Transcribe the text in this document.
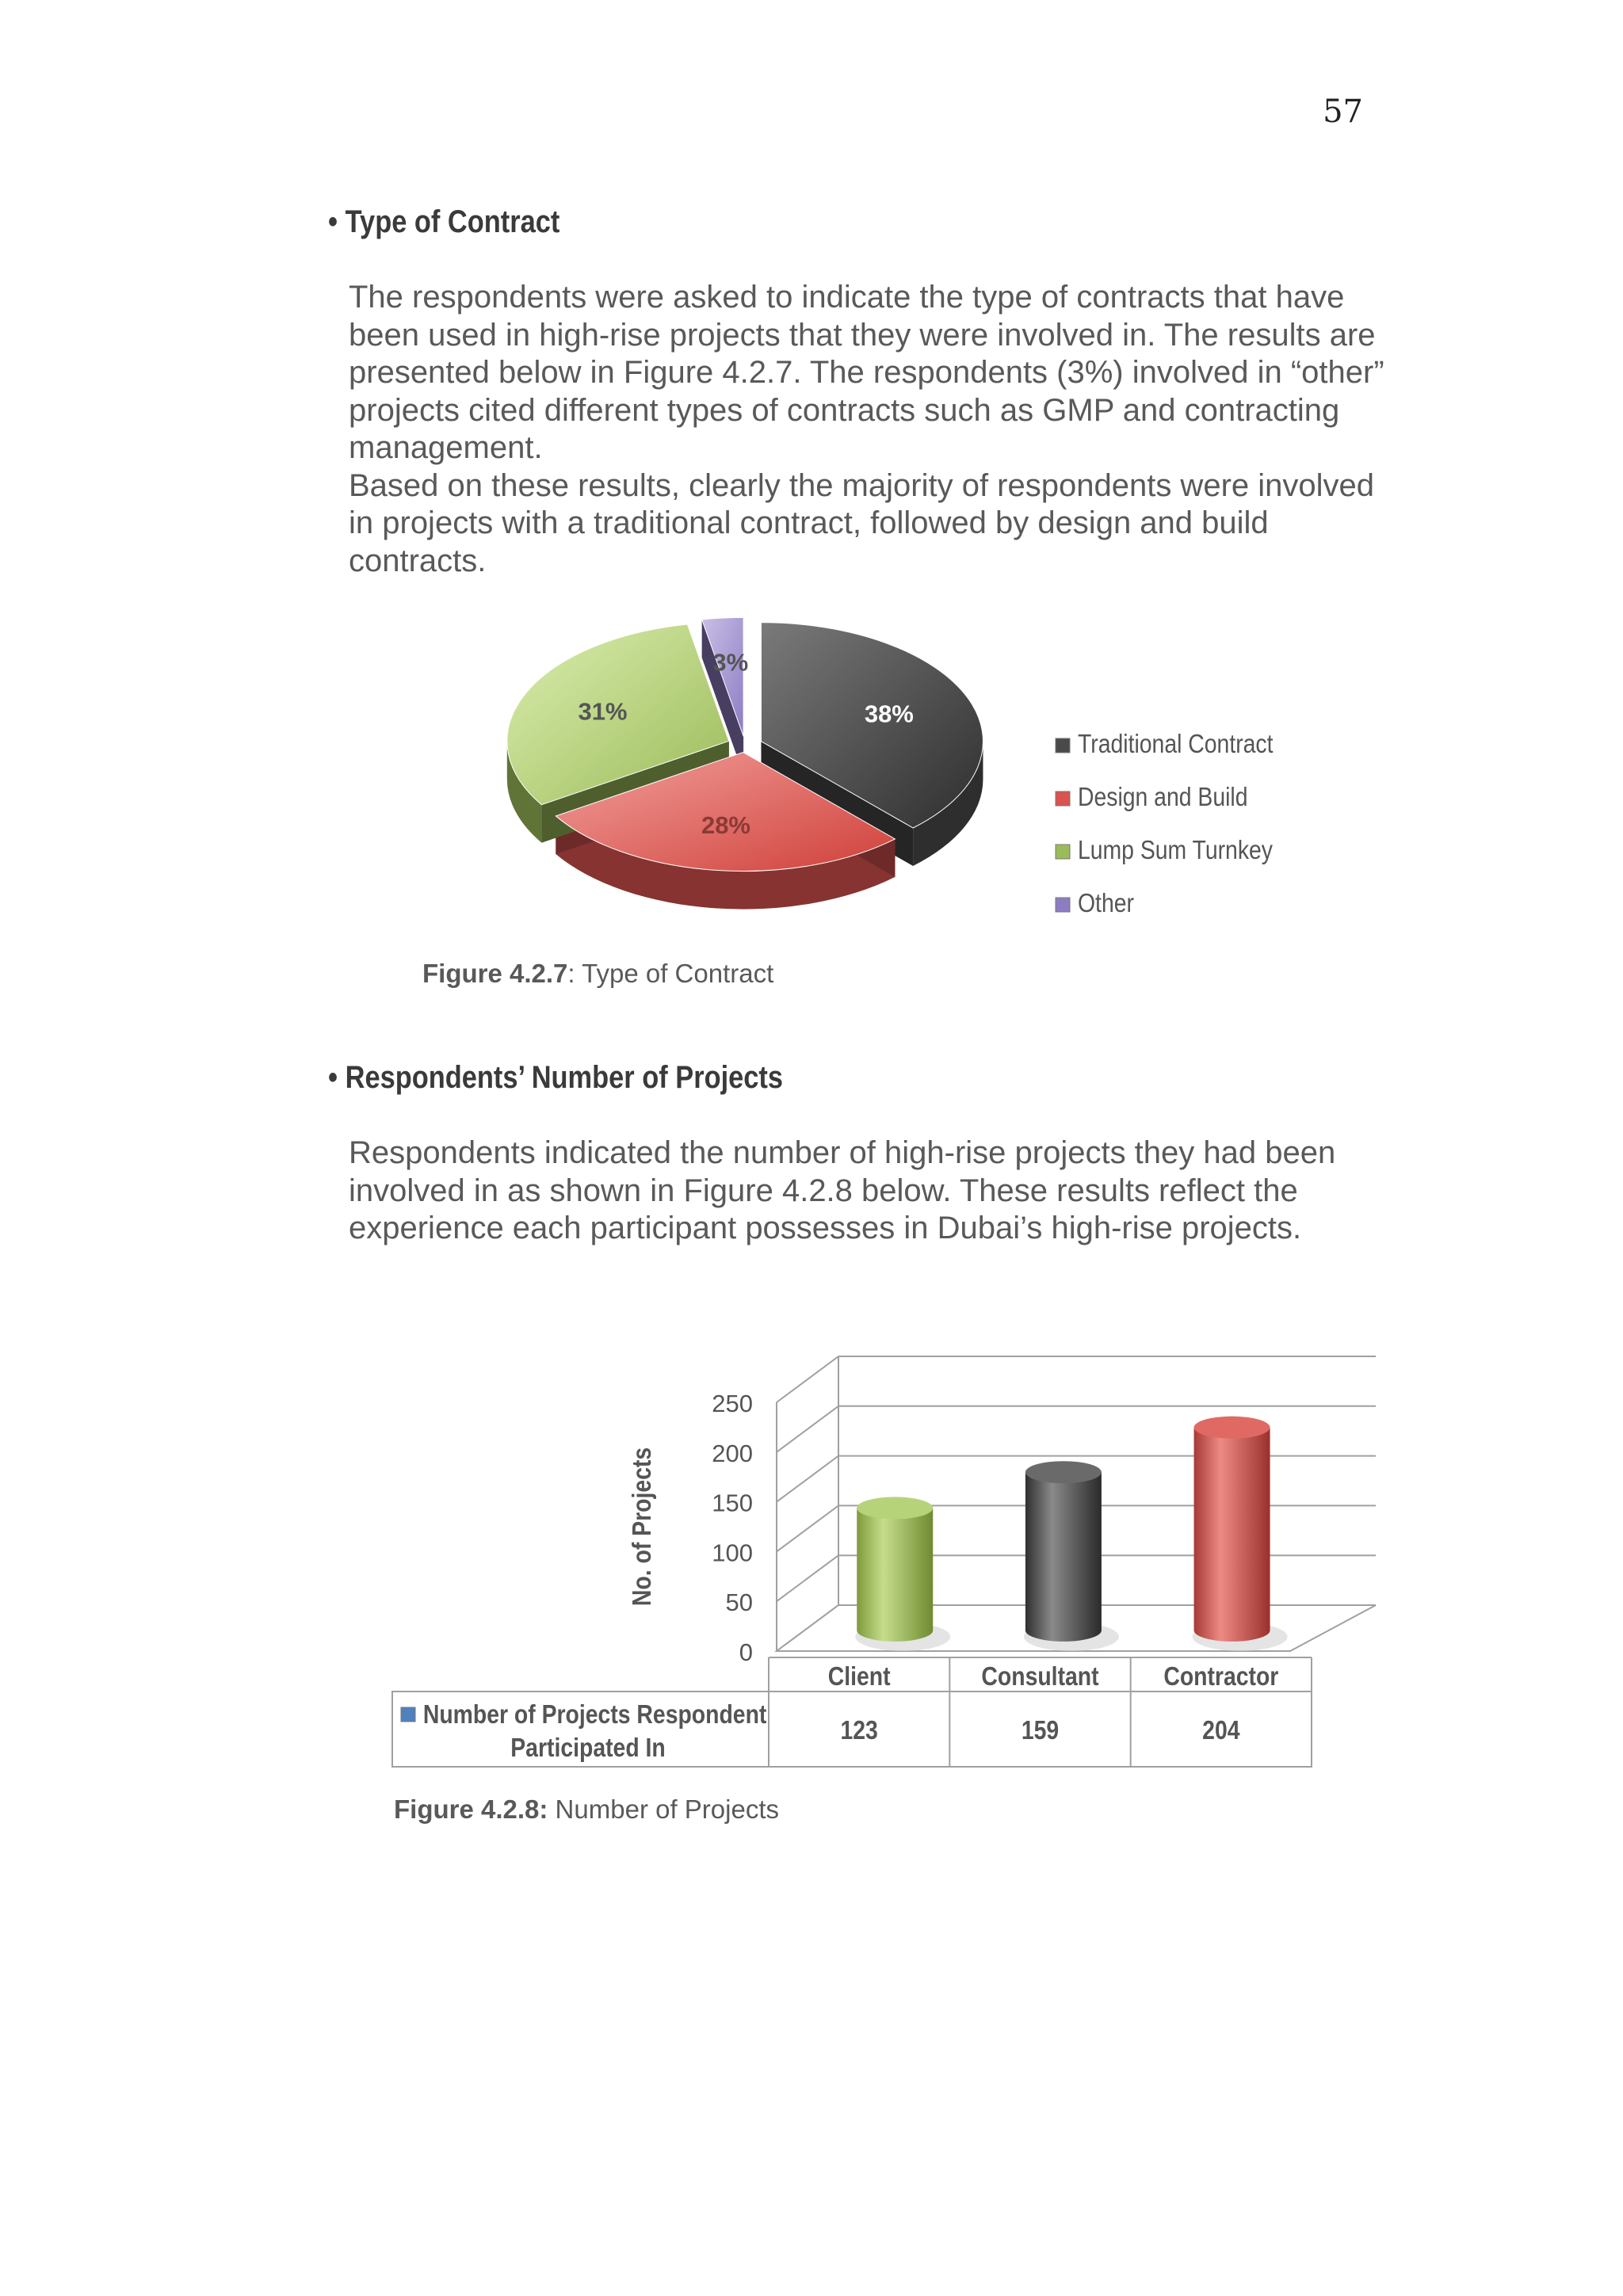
57
• Type of Contract

The respondents were asked to indicate the type of contracts that have been used in high-rise projects that they were involved in. The results are presented below in Figure 4.2.7. The respondents (3%) involved in “other” projects cited different types of contracts such as GMP and contracting management.

Based on these results, clearly the majority of respondents were involved in projects with a traditional contract, followed by design and build contracts.

38%
28%
31%
3%
Traditional Contract
Design and Build
Lump Sum Turnkey
Other
Figure 4.2.7: Type of Contract
• Respondents’ Number of Projects

Respondents indicated the number of high-rise projects they had been involved in as shown in Figure 4.2.8 below. These results reflect the experience each participant possesses in Dubai’s high-rise projects.

0
50
100
150
200
250
No. of Projects
Client
123
Consultant
159
Contractor
204
Number of Projects Respondent Participated In
Figure 4.2.8: Number of Projects
